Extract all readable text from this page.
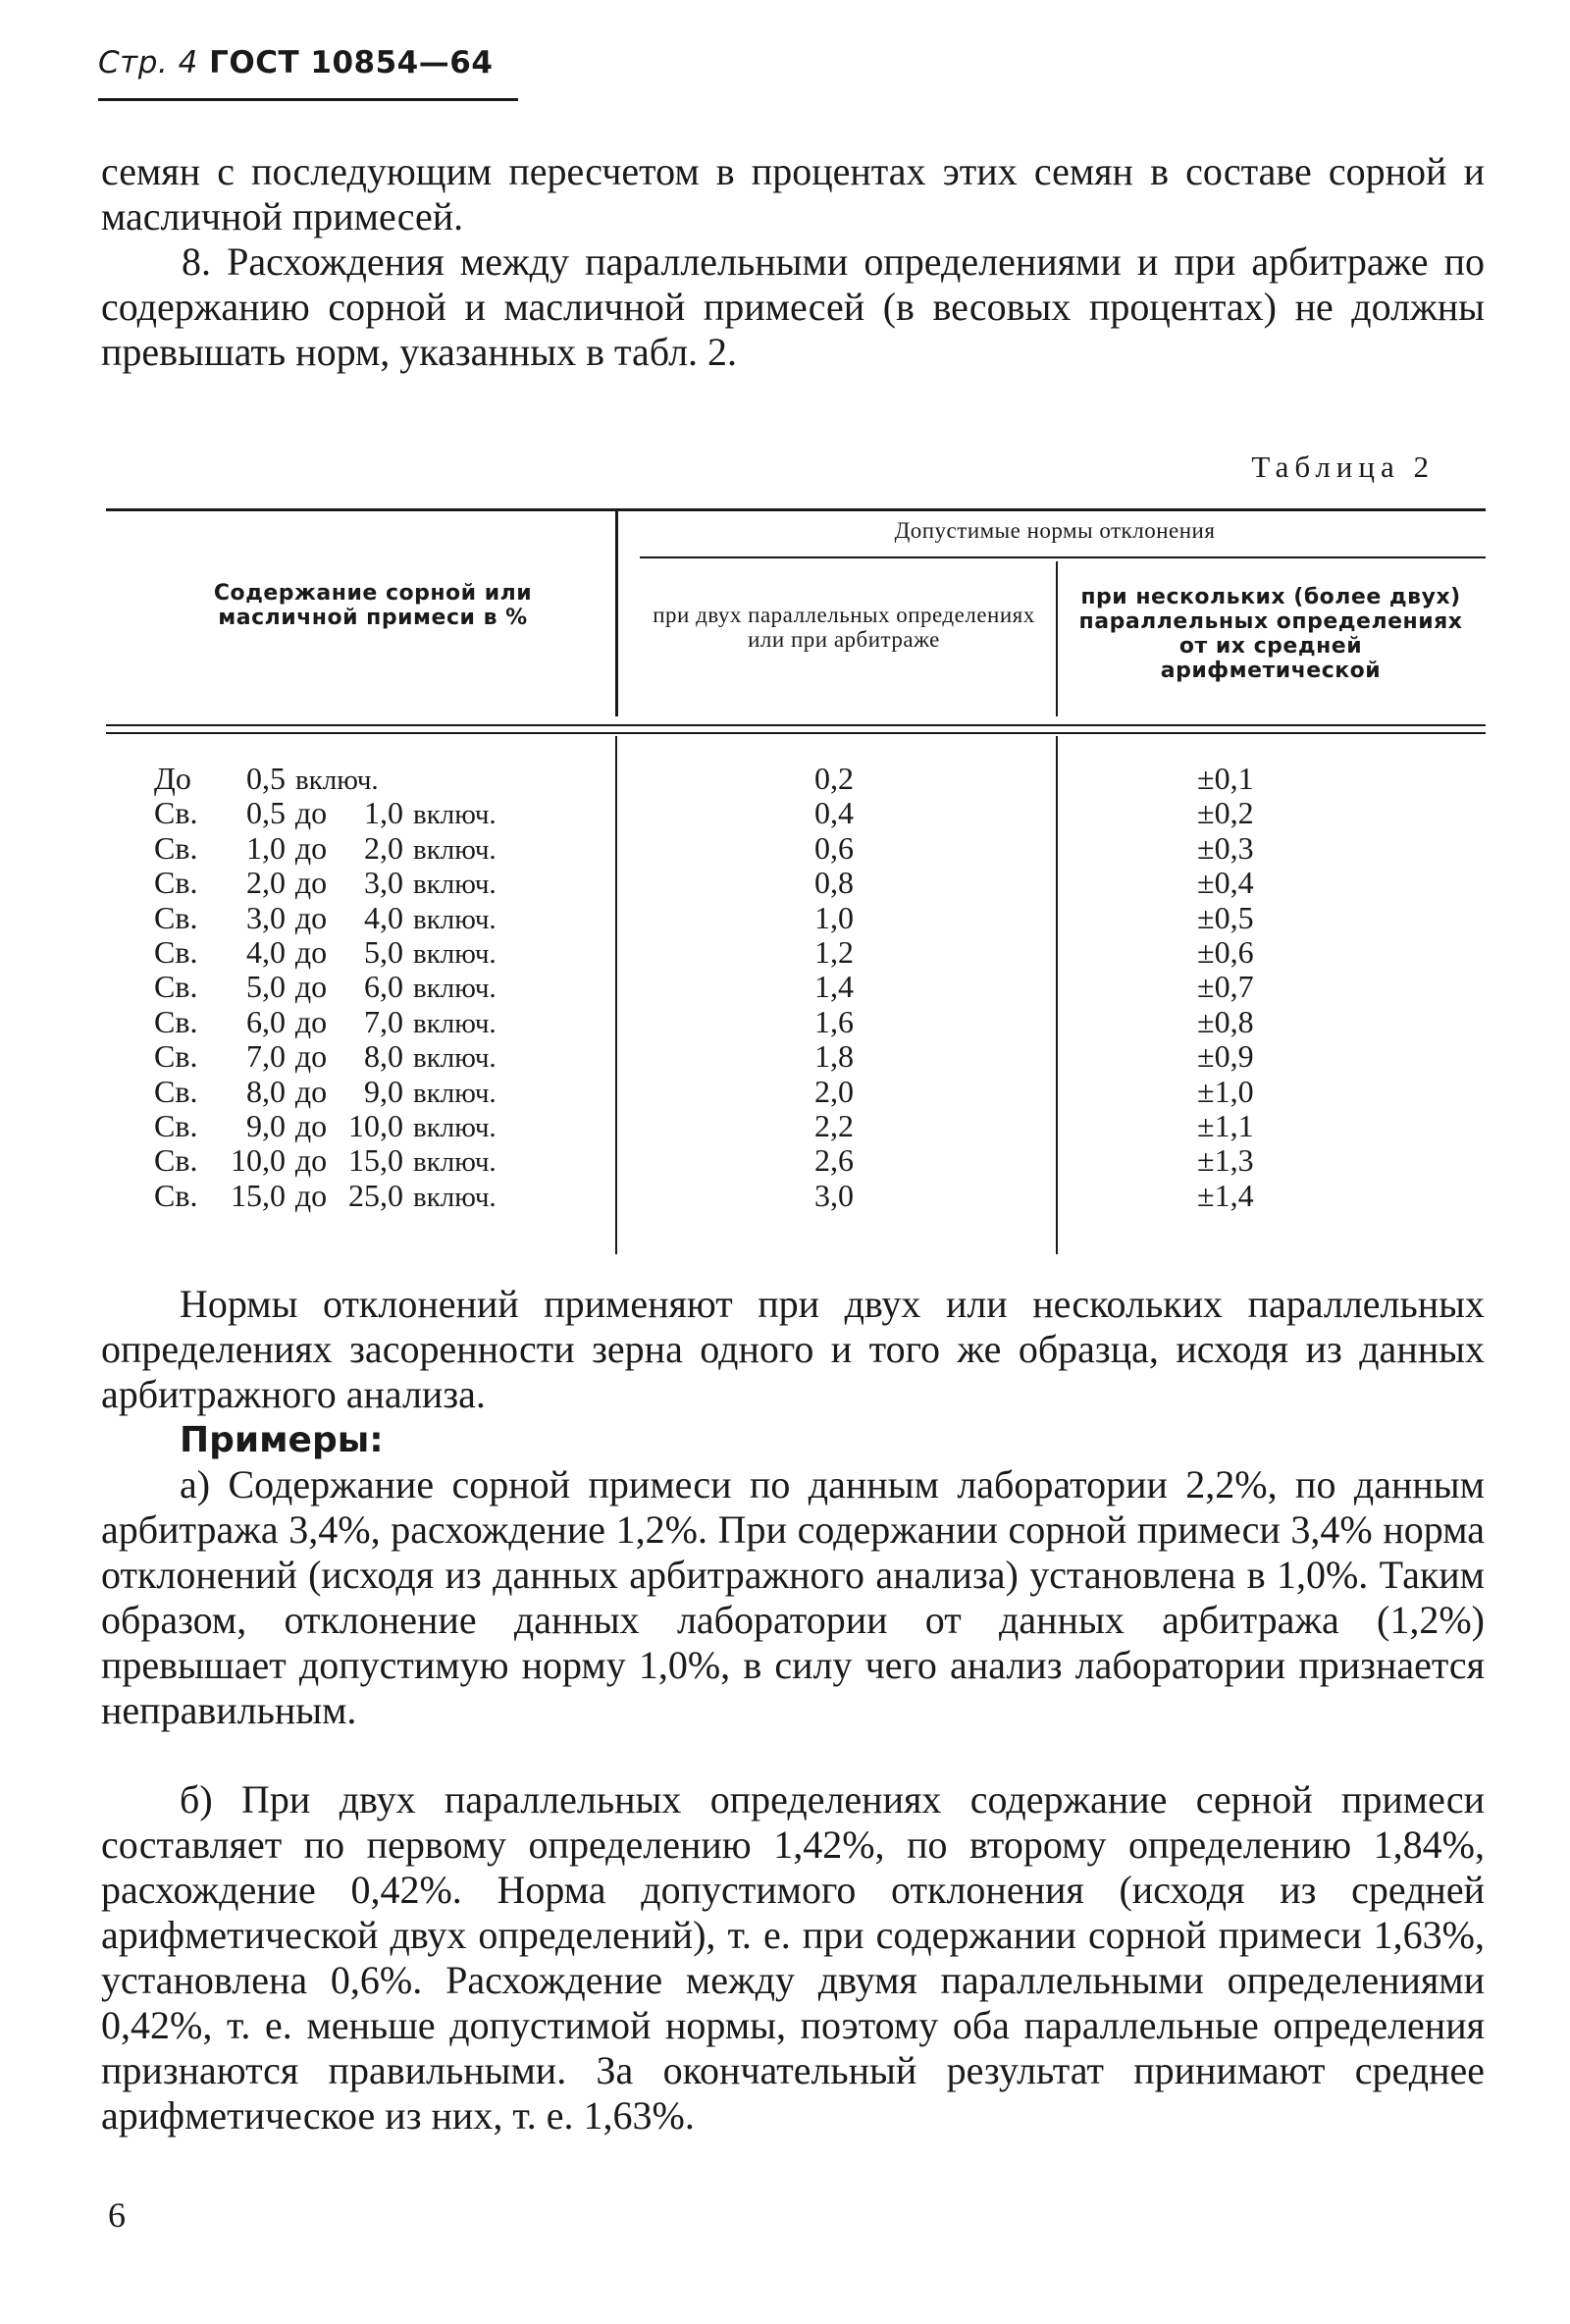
Стр. 4 ГОСТ 10854—64

семян с последующим пересчетом в процентах этих семян в составе сорной и масличной примесей.

8. Расхождения между параллельными определениями и при арбитраже по содержанию сорной и масличной примесей (в весовых процентах) не должны превышать норм, указанных в табл. 2.

Таблица 2
Содержание сорной или масличной примеси в %
Допустимые нормы отклонения
при двух параллельных определениях или при арбитраже
при нескольких (более двух) параллельных определениях от их средней арифметической
До 0,5 включ.	0,2	±0,1
Св. 0,5 до 1,0 включ.	0,4	±0,2
Св. 1,0 до 2,0 включ.	0,6	±0,3
Св. 2,0 до 3,0 включ.	0,8	±0,4
Св. 3,0 до 4,0 включ.	1,0	±0,5
Св. 4,0 до 5,0 включ.	1,2	±0,6
Св. 5,0 до 6,0 включ.	1,4	±0,7
Св. 6,0 до 7,0 включ.	1,6	±0,8
Св. 7,0 до 8,0 включ.	1,8	±0,9
Св. 8,0 до 9,0 включ.	2,0	±1,0
Св. 9,0 до 10,0 включ.	2,2	±1,1
Св. 10,0 до 15,0 включ.	2,6	±1,3
Св. 15,0 до 25,0 включ.	3,0	±1,4

Нормы отклонений применяют при двух или нескольких параллельных определениях засоренности зерна одного и того же образца, исходя из данных арбитражного анализа.

Примеры:

а) Содержание сорной примеси по данным лаборатории 2,2%, по данным арбитража 3,4%, расхождение 1,2%. При содержании сорной примеси 3,4% норма отклонений (исходя из данных арбитражного анализа) установлена в 1,0%. Таким образом, отклонение данных лаборатории от данных арбитража (1,2%) превышает допустимую норму 1,0%, в силу чего анализ лаборатории признается неправильным.

б) При двух параллельных определениях содержание серной примеси составляет по первому определению 1,42%, по второму определению 1,84%, расхождение 0,42%. Норма допустимого отклонения (исходя из средней арифметической двух определений), т. е. при содержании сорной примеси 1,63%, установлена 0,6%. Расхождение между двумя параллельными определениями 0,42%, т. е. меньше допустимой нормы, поэтому оба параллельные определения признаются правильными. За окончательный результат принимают среднее арифметическое из них, т. е. 1,63%.

6
